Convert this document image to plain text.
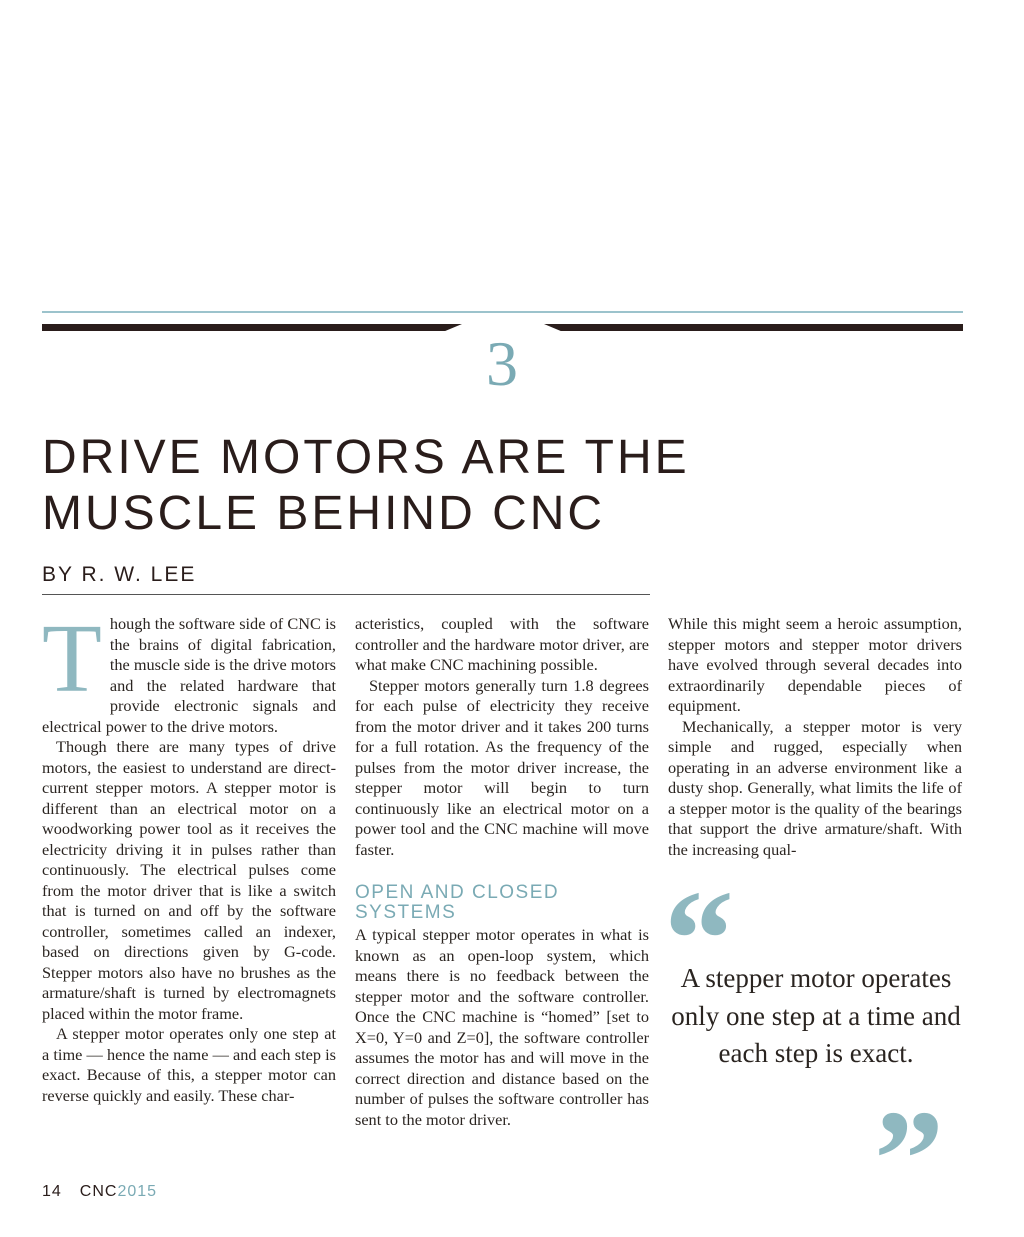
3
DRIVE MOTORS ARE THE
MUSCLE BEHIND CNC
BY R. W. LEE

Though the software side of CNC is the brains of digital fabrication, the muscle side is the drive motors and the related hardware that provide electronic signals and electrical power to the drive motors.

Though there are many types of drive motors, the easiest to understand are direct-current stepper motors. A stepper motor is different than an electrical motor on a woodworking power tool as it receives the electricity driving it in pulses rather than continuously. The electrical pulses come from the motor driver that is like a switch that is turned on and off by the software controller, sometimes called an indexer, based on directions given by G-code. Stepper motors also have no brushes as the armature/shaft is turned by electromagnets placed within the motor frame.

A stepper motor operates only one step at a time — hence the name — and each step is exact. Because of this, a stepper motor can reverse quickly and easily. These char-

acteristics, coupled with the software controller and the hardware motor driver, are what make CNC machining possible.

Stepper motors generally turn 1.8 degrees for each pulse of electricity they receive from the motor driver and it takes 200 turns for a full rotation. As the frequency of the pulses from the motor driver increase, the stepper motor will begin to turn continuously like an electrical motor on a power tool and the CNC machine will move faster.

OPEN AND CLOSED SYSTEMS

A typical stepper motor operates in what is known as an open-loop system, which means there is no feedback between the stepper motor and the software controller. Once the CNC machine is “homed” [set to X=0, Y=0 and Z=0], the software controller assumes the motor has and will move in the correct direction and distance based on the number of pulses the software controller has sent to the motor driver.

While this might seem a heroic assumption, stepper motors and stepper motor drivers have evolved through several decades into extraordinarily dependable pieces of equipment.

Mechanically, a stepper motor is very simple and rugged, especially when operating in an adverse environment like a dusty shop. Generally, what limits the life of a stepper motor is the quality of the bearings that support the drive armature/shaft. With the increasing qual-

“
A stepper motor operates only one step at a time and each step is exact.
”
14 CNC2015
